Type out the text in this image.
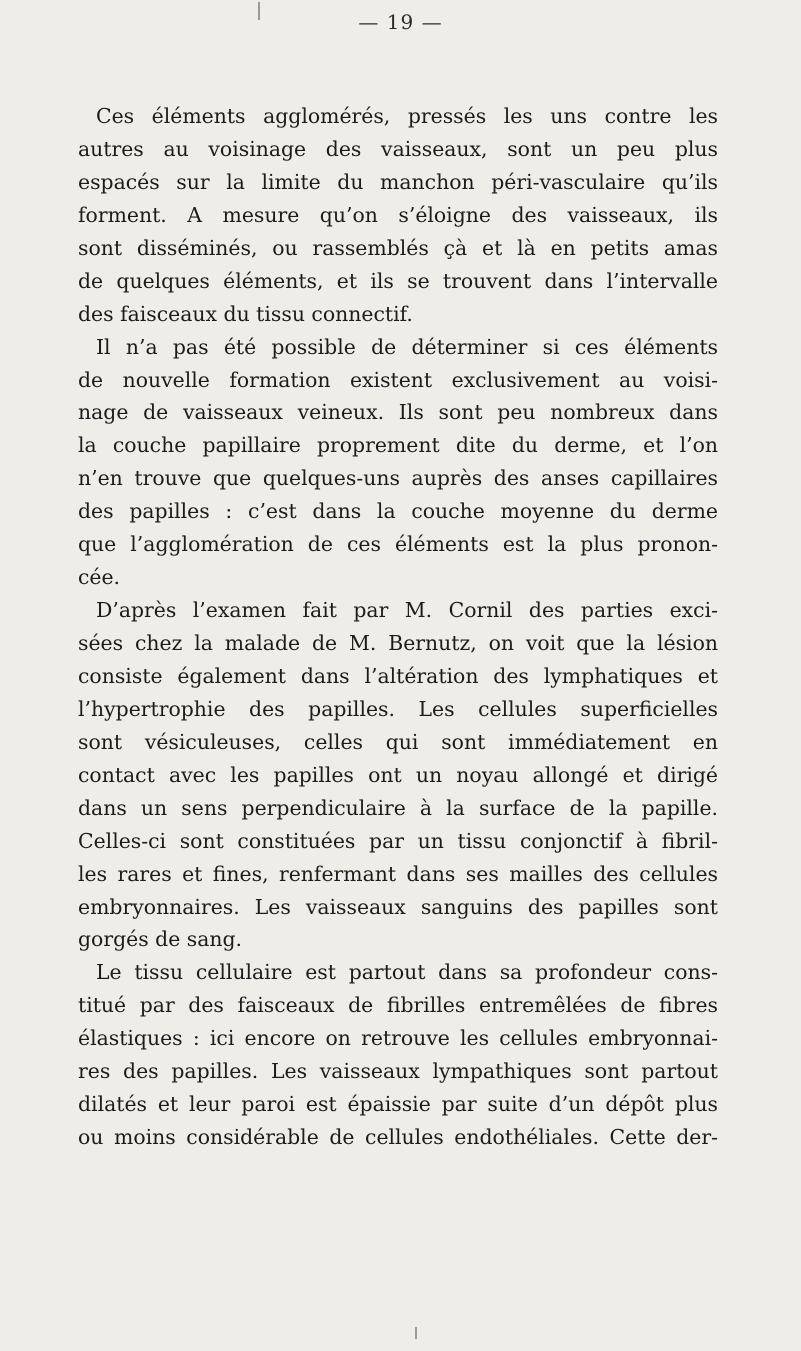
— 19 —
Ces éléments agglomérés, pressés les uns contre les
autres au voisinage des vaisseaux, sont un peu plus
espacés sur la limite du manchon péri-vasculaire qu’ils
forment. A mesure qu’on s’éloigne des vaisseaux, ils
sont disséminés, ou rassemblés çà et là en petits amas
de quelques éléments, et ils se trouvent dans l’intervalle
des faisceaux du tissu connectif.
Il n’a pas été possible de déterminer si ces éléments
de nouvelle formation existent exclusivement au voisi-
nage de vaisseaux veineux. Ils sont peu nombreux dans
la couche papillaire proprement dite du derme, et l’on
n’en trouve que quelques-uns auprès des anses capillaires
des papilles : c’est dans la couche moyenne du derme
que l’agglomération de ces éléments est la plus pronon-
cée.
D’après l’examen fait par M. Cornil des parties exci-
sées chez la malade de M. Bernutz, on voit que la lésion
consiste également dans l’altération des lymphatiques et
l’hypertrophie des papilles. Les cellules superficielles
sont vésiculeuses, celles qui sont immédiatement en
contact avec les papilles ont un noyau allongé et dirigé
dans un sens perpendiculaire à la surface de la papille.
Celles-ci sont constituées par un tissu conjonctif à fibril-
les rares et fines, renfermant dans ses mailles des cellules
embryonnaires. Les vaisseaux sanguins des papilles sont
gorgés de sang.
Le tissu cellulaire est partout dans sa profondeur cons-
titué par des faisceaux de fibrilles entremêlées de fibres
élastiques : ici encore on retrouve les cellules embryonnai-
res des papilles. Les vaisseaux lympathiques sont partout
dilatés et leur paroi est épaissie par suite d’un dépôt plus
ou moins considérable de cellules endothéliales. Cette der-
